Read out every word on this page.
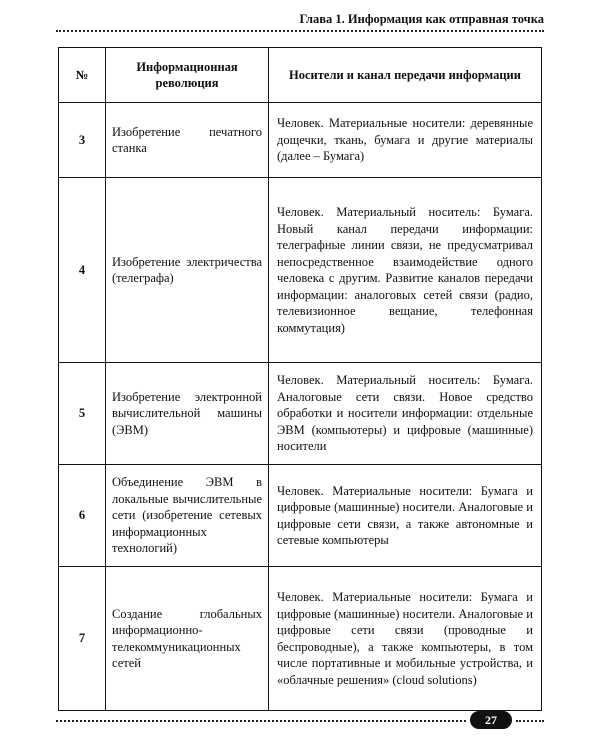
Глава 1. Информация как отправная точка
№	Информационная революция	Носители и канал передачи информации
3	Изобретение печатного станка	Человек. Материальные носители: деревянные дощечки, ткань, бумага и другие материалы (далее – Бумага)
4	Изобретение электричества (телеграфа)	Человек. Материальный носитель: Бумага. Новый канал передачи информации: телеграфные линии связи, не предусматривал непосредственное взаимодействие одного человека с другим. Развитие каналов передачи информации: аналоговых сетей связи (радио, телевизионное вещание, телефонная коммутация)
5	Изобретение электронной вычислительной машины (ЭВМ)	Человек. Материальный носитель: Бумага. Аналоговые сети связи. Новое средство обработки и носители информации: отдельные ЭВМ (компьютеры) и цифровые (машинные) носители
6	Объединение ЭВМ в локальные вычислительные сети (изобретение сетевых информационных технологий)	Человек. Материальные носители: Бумага и цифровые (машинные) носители. Аналоговые и цифровые сети связи, а также автономные и сетевые компьютеры
7	Создание глобальных информационно-телекоммуникационных сетей	Человек. Материальные носители: Бумага и цифровые (машинные) носители. Аналоговые и цифровые сети связи (проводные и беспроводные), а также компьютеры, в том числе портативные и мобильные устройства, и «облачные решения» (cloud solutions)
27
